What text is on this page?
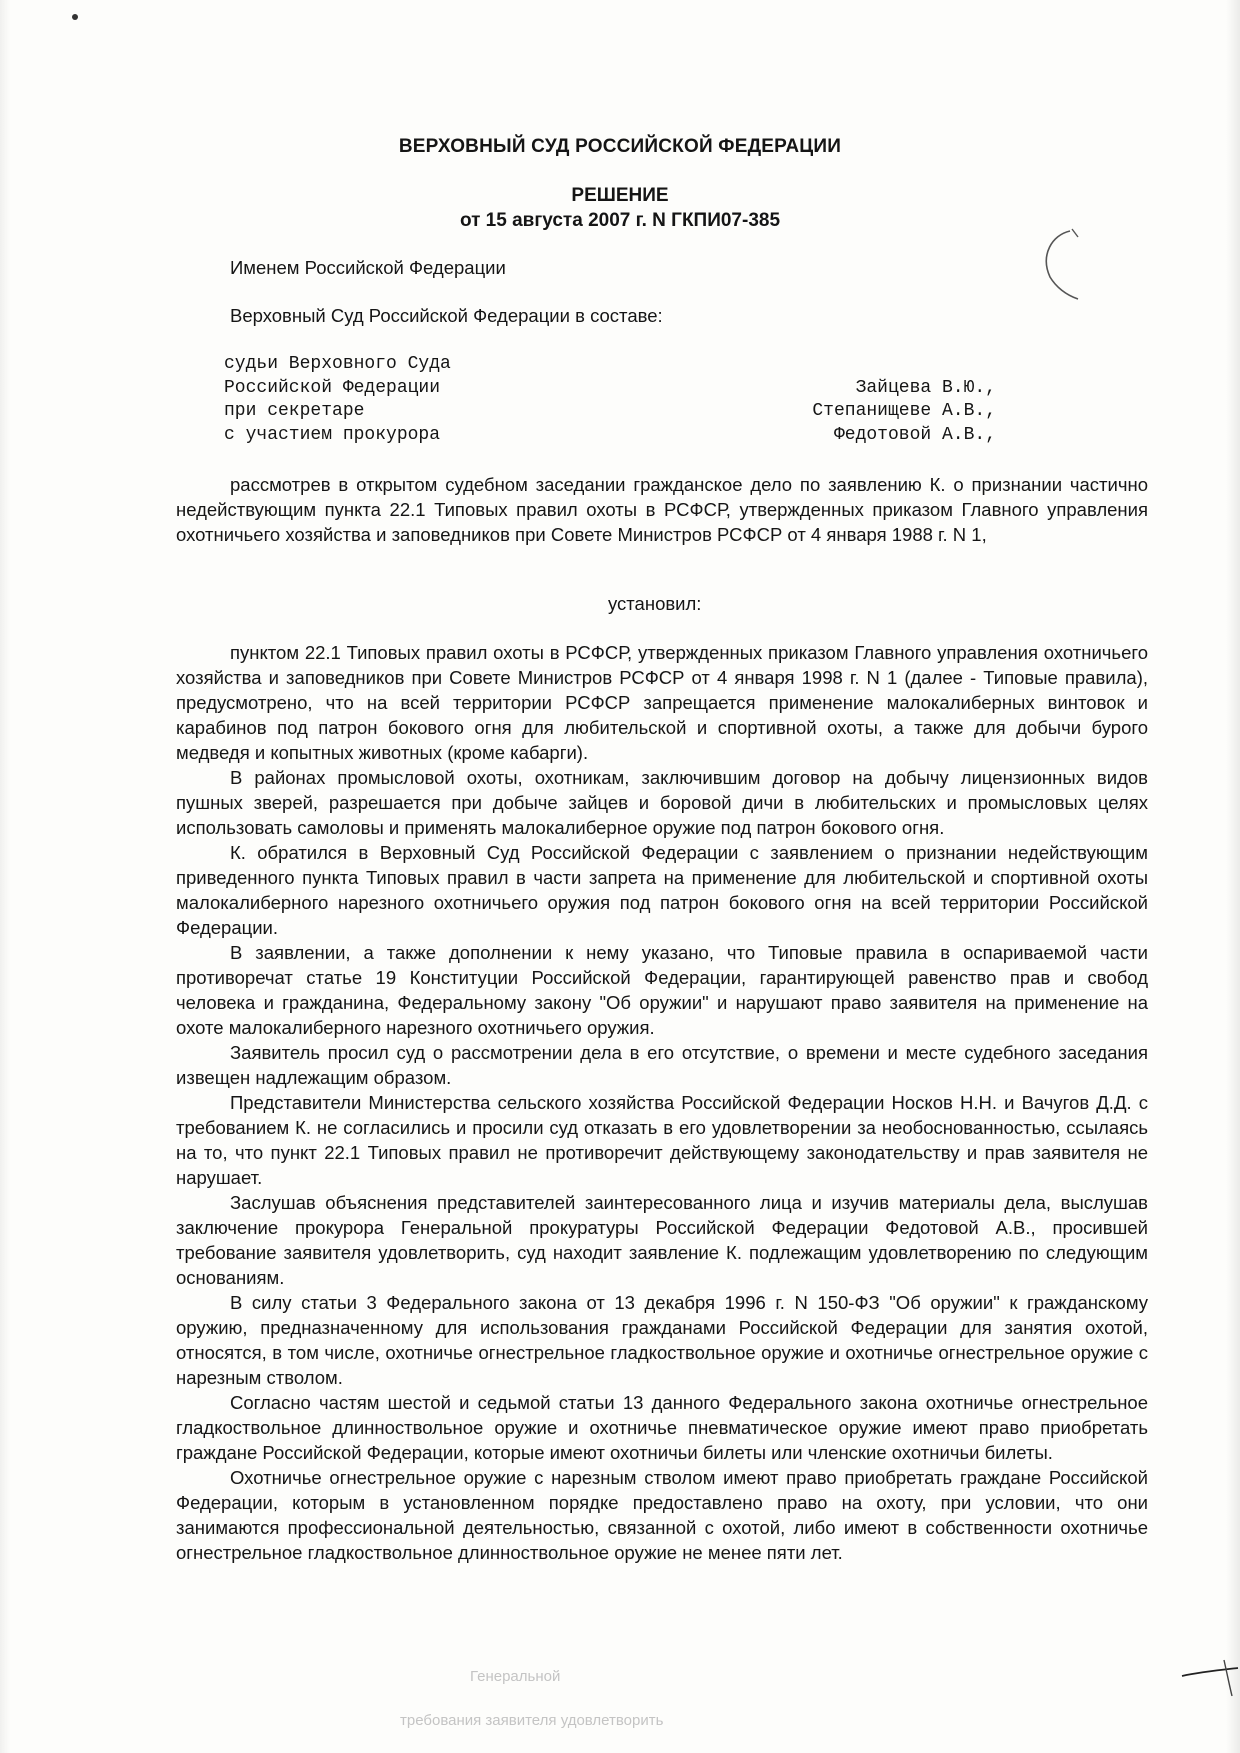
ВЕРХОВНЫЙ СУД РОССИЙСКОЙ ФЕДЕРАЦИИ
РЕШЕНИЕ
от 15 августа 2007 г. N ГКПИ07-385
Именем Российской Федерации
Верховный Суд Российской Федерации в составе:
судьи Верховного Суда
Российской Федерации	Зайцева В.Ю.,
при секретаре	Степанищеве А.В.,
с участием прокурора	Федотовой А.В.,

рассмотрев в открытом судебном заседании гражданское дело по заявлению К. о признании частично недействующим пункта 22.1 Типовых правил охоты в РСФСР, утвержденных приказом Главного управления охотничьего хозяйства и заповедников при Совете Министров РСФСР от 4 января 1988 г. N 1,

установил:

пунктом 22.1 Типовых правил охоты в РСФСР, утвержденных приказом Главного управления охотничьего хозяйства и заповедников при Совете Министров РСФСР от 4 января 1998 г. N 1 (далее - Типовые правила), предусмотрено, что на всей территории РСФСР запрещается применение малокалиберных винтовок и карабинов под патрон бокового огня для любительской и спортивной охоты, а также для добычи бурого медведя и копытных животных (кроме кабарги).

В районах промысловой охоты, охотникам, заключившим договор на добычу лицензионных видов пушных зверей, разрешается при добыче зайцев и боровой дичи в любительских и промысловых целях использовать самоловы и применять малокалиберное оружие под патрон бокового огня.

К. обратился в Верховный Суд Российской Федерации с заявлением о признании недействующим приведенного пункта Типовых правил в части запрета на применение для любительской и спортивной охоты малокалиберного нарезного охотничьего оружия под патрон бокового огня на всей территории Российской Федерации.

В заявлении, а также дополнении к нему указано, что Типовые правила в оспариваемой части противоречат статье 19 Конституции Российской Федерации, гарантирующей равенство прав и свобод человека и гражданина, Федеральному закону "Об оружии" и нарушают право заявителя на применение на охоте малокалиберного нарезного охотничьего оружия.

Заявитель просил суд о рассмотрении дела в его отсутствие, о времени и месте судебного заседания извещен надлежащим образом.

Представители Министерства сельского хозяйства Российской Федерации Носков Н.Н. и Вачугов Д.Д. с требованием К. не согласились и просили суд отказать в его удовлетворении за необоснованностью, ссылаясь на то, что пункт 22.1 Типовых правил не противоречит действующему законодательству и прав заявителя не нарушает.

Заслушав объяснения представителей заинтересованного лица и изучив материалы дела, выслушав заключение прокурора Генеральной прокуратуры Российской Федерации Федотовой А.В., просившей требование заявителя удовлетворить, суд находит заявление К. подлежащим удовлетворению по следующим основаниям.

В силу статьи 3 Федерального закона от 13 декабря 1996 г. N 150-ФЗ "Об оружии" к гражданскому оружию, предназначенному для использования гражданами Российской Федерации для занятия охотой, относятся, в том числе, охотничье огнестрельное гладкоствольное оружие и охотничье огнестрельное оружие с нарезным стволом.

Согласно частям шестой и седьмой статьи 13 данного Федерального закона охотничье огнестрельное гладкоствольное длинноствольное оружие и охотничье пневматическое оружие имеют право приобретать граждане Российской Федерации, которые имеют охотничьи билеты или членские охотничьи билеты.

Охотничье огнестрельное оружие с нарезным стволом имеют право приобретать граждане Российской Федерации, которым в установленном порядке предоставлено право на охоту, при условии, что они занимаются профессиональной деятельностью, связанной с охотой, либо имеют в собственности охотничье огнестрельное гладкоствольное длинноствольное оружие не менее пяти лет.

Генеральной
требования заявителя удовлетворить
